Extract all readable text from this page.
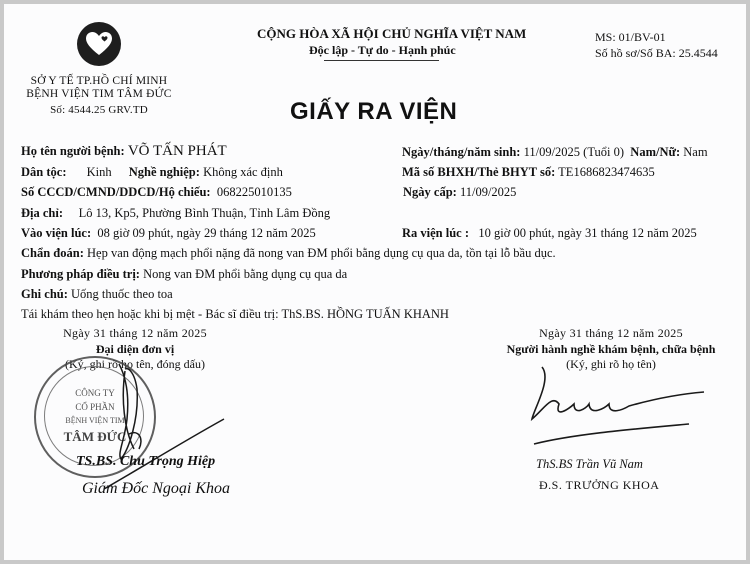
SỞ Y TẾ TP.HỒ CHÍ MINH
BỆNH VIỆN TIM TÂM ĐỨC
Số: 4544.25 GRV.TD
CỘNG HÒA XÃ HỘI CHỦ NGHĨA VIỆT NAM
Độc lập - Tự do - Hạnh phúc
MS: 01/BV-01
Số hồ sơ/Số BA: 25.4544
GIẤY RA VIỆN
Họ tên người bệnh: VÕ TẤN PHÁT	Ngày/tháng/năm sinh: 11/09/2025 (Tuổi 0) Nam/Nữ: Nam
Dân tộc: Kinh Nghề nghiệp: Không xác định	Mã số BHXH/Thẻ BHYT số: TE1686823474635
Số CCCD/CMND/DDCD/Hộ chiếu: 068225010135	Ngày cấp: 11/09/2025
Địa chỉ: Lô 13, Kp5, Phường Bình Thuận, Tỉnh Lâm Đồng
Vào viện lúc: 08 giờ 09 phút, ngày 29 tháng 12 năm 2025	Ra viện lúc : 10 giờ 00 phút, ngày 31 tháng 12 năm 2025
Chẩn đoán: Hẹp van động mạch phổi nặng đã nong van ĐM phổi bằng dụng cụ qua da, tồn tại lỗ bầu dục.
Phương pháp điều trị: Nong van ĐM phổi bằng dụng cụ qua da
Ghi chú: Uống thuốc theo toa
Tái khám theo hẹn hoặc khi bị mệt - Bác sĩ điều trị: ThS.BS. HỒNG TUẤN KHANH
Ngày 31 tháng 12 năm 2025
Đại diện đơn vị
(Ký, ghi rõ họ tên, đóng dấu)
CÔNG TY
CỔ PHẦN
BỆNH VIỆN TIM
TÂM ĐỨC
TS.BS. Chu Trọng Hiệp
Giám Đốc Ngoại Khoa
Ngày 31 tháng 12 năm 2025
Người hành nghề khám bệnh, chữa bệnh
(Ký, ghi rõ họ tên)
ThS.BS Trần Vũ Nam
Đ.S. TRƯỞNG KHOA
